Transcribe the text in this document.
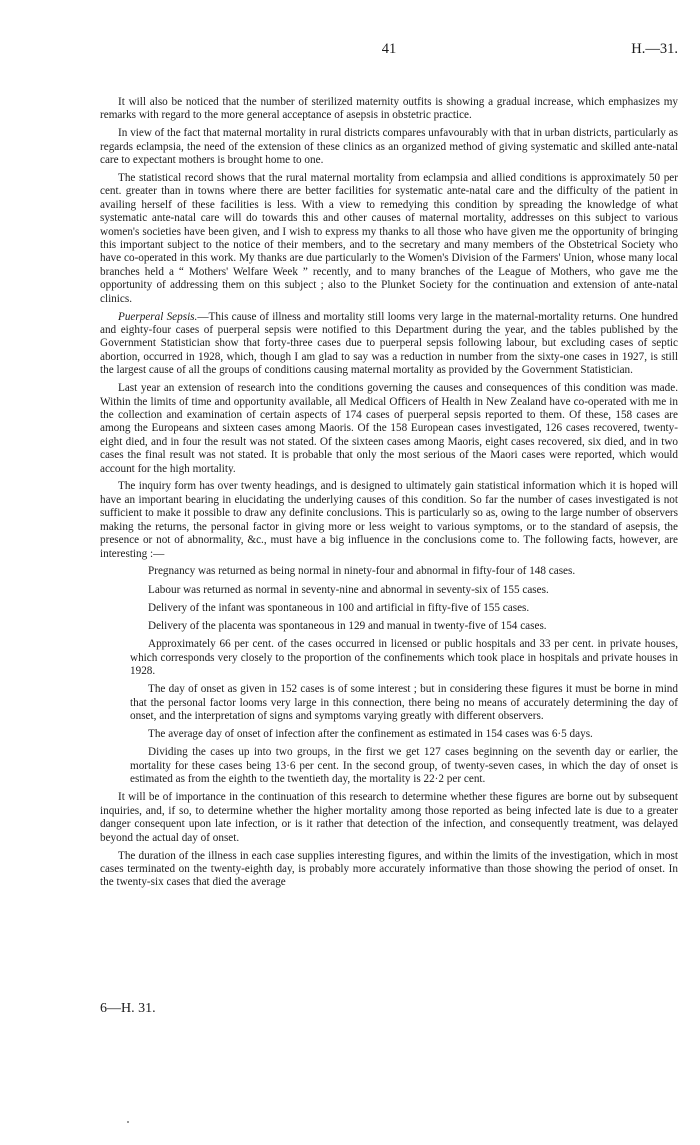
41	H.—31.

It will also be noticed that the number of sterilized maternity outfits is showing a gradual increase, which emphasizes my remarks with regard to the more general acceptance of asepsis in obstetric practice.

In view of the fact that maternal mortality in rural districts compares unfavourably with that in urban districts, particularly as regards eclampsia, the need of the extension of these clinics as an organized method of giving systematic and skilled ante-natal care to expectant mothers is brought home to one.

The statistical record shows that the rural maternal mortality from eclampsia and allied conditions is approximately 50 per cent. greater than in towns where there are better facilities for systematic ante-natal care and the difficulty of the patient in availing herself of these facilities is less. With a view to remedying this condition by spreading the knowledge of what systematic ante-natal care will do towards this and other causes of maternal mortality, addresses on this subject to various women's societies have been given, and I wish to express my thanks to all those who have given me the opportunity of bringing this important subject to the notice of their members, and to the secretary and many members of the Obstetrical Society who have co-operated in this work. My thanks are due particularly to the Women's Division of the Farmers' Union, whose many local branches held a “ Mothers' Welfare Week ” recently, and to many branches of the League of Mothers, who gave me the opportunity of addressing them on this subject ; also to the Plunket Society for the continuation and extension of ante-natal clinics.

Puerperal Sepsis.—This cause of illness and mortality still looms very large in the maternal-mortality returns. One hundred and eighty-four cases of puerperal sepsis were notified to this Department during the year, and the tables published by the Government Statistician show that forty-three cases due to puerperal sepsis following labour, but excluding cases of septic abortion, occurred in 1928, which, though I am glad to say was a reduction in number from the sixty-one cases in 1927, is still the largest cause of all the groups of conditions causing maternal mortality as provided by the Government Statistician.

Last year an extension of research into the conditions governing the causes and consequences of this condition was made. Within the limits of time and opportunity available, all Medical Officers of Health in New Zealand have co-operated with me in the collection and examination of certain aspects of 174 cases of puerperal sepsis reported to them. Of these, 158 cases are among the Europeans and sixteen cases among Maoris. Of the 158 European cases investigated, 126 cases recovered, twenty-eight died, and in four the result was not stated. Of the sixteen cases among Maoris, eight cases recovered, six died, and in two cases the final result was not stated. It is probable that only the most serious of the Maori cases were reported, which would account for the high mortality.

The inquiry form has over twenty headings, and is designed to ultimately gain statistical information which it is hoped will have an important bearing in elucidating the underlying causes of this condition. So far the number of cases investigated is not sufficient to make it possible to draw any definite conclusions. This is particularly so as, owing to the large number of observers making the returns, the personal factor in giving more or less weight to various symptoms, or to the standard of asepsis, the presence or not of abnormality, &c., must have a big influence in the conclusions come to. The following facts, however, are interesting :—

Pregnancy was returned as being normal in ninety-four and abnormal in fifty-four of 148 cases.

Labour was returned as normal in seventy-nine and abnormal in seventy-six of 155 cases.

Delivery of the infant was spontaneous in 100 and artificial in fifty-five of 155 cases.

Delivery of the placenta was spontaneous in 129 and manual in twenty-five of 154 cases.

Approximately 66 per cent. of the cases occurred in licensed or public hospitals and 33 per cent. in private houses, which corresponds very closely to the proportion of the confinements which took place in hospitals and private houses in 1928.

The day of onset as given in 152 cases is of some interest ; but in considering these figures it must be borne in mind that the personal factor looms very large in this connection, there being no means of accurately determining the day of onset, and the interpretation of signs and symptoms varying greatly with different observers.

The average day of onset of infection after the confinement as estimated in 154 cases was 6·5 days.

Dividing the cases up into two groups, in the first we get 127 cases beginning on the seventh day or earlier, the mortality for these cases being 13·6 per cent. In the second group, of twenty-seven cases, in which the day of onset is estimated as from the eighth to the twentieth day, the mortality is 22·2 per cent.

It will be of importance in the continuation of this research to determine whether these figures are borne out by subsequent inquiries, and, if so, to determine whether the higher mortality among those reported as being infected late is due to a greater danger consequent upon late infection, or is it rather that detection of the infection, and consequently treatment, was delayed beyond the actual day of onset.

The duration of the illness in each case supplies interesting figures, and within the limits of the investigation, which in most cases terminated on the twenty-eighth day, is probably more accurately informative than those showing the period of onset. In the twenty-six cases that died the average

6—H. 31.
